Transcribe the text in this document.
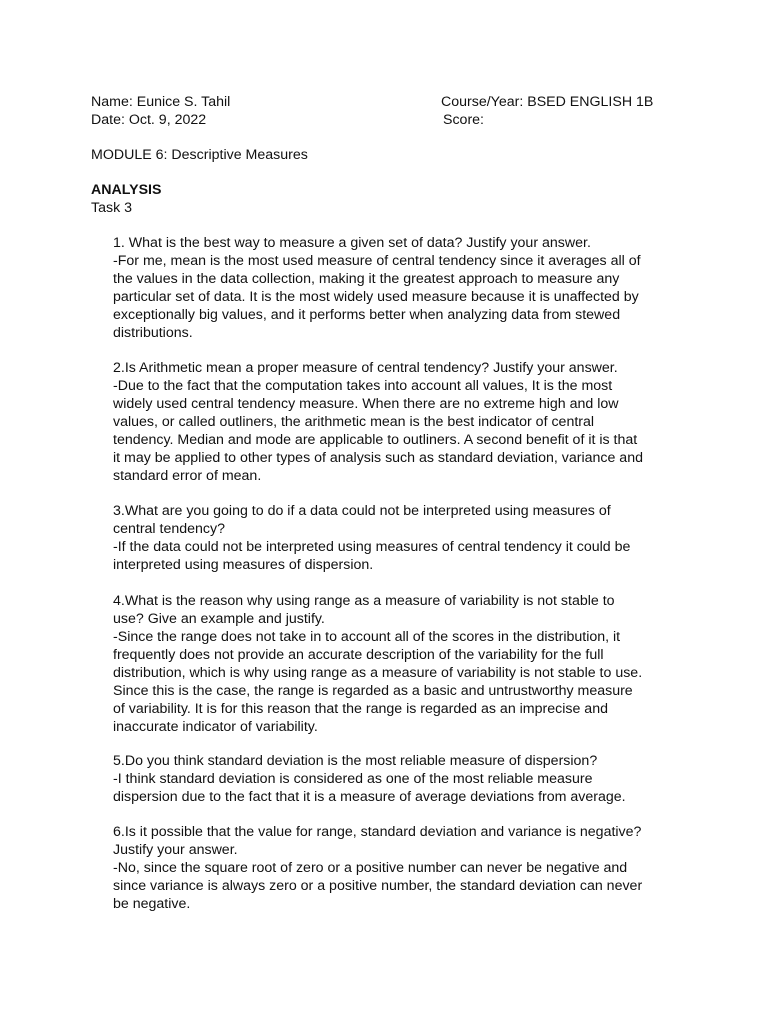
Name: Eunice S. Tahil	Course/Year: BSED ENGLISH 1B
Date: Oct. 9, 2022	Score:
MODULE 6: Descriptive Measures
ANALYSIS
Task 3

1. What is the best way to measure a given set of data? Justify your answer.

-For me, mean is the most used measure of central tendency since it averages all of
the values in the data collection, making it the greatest approach to measure any
particular set of data. It is the most widely used measure because it is unaffected by
exceptionally big values, and it performs better when analyzing data from stewed
distributions.

2.Is Arithmetic mean a proper measure of central tendency? Justify your answer.

-Due to the fact that the computation takes into account all values, It is the most
widely used central tendency measure. When there are no extreme high and low
values, or called outliners, the arithmetic mean is the best indicator of central
tendency. Median and mode are applicable to outliners. A second benefit of it is that
it may be applied to other types of analysis such as standard deviation, variance and
standard error of mean.

3.What are you going to do if a data could not be interpreted using measures of
central tendency?

-If the data could not be interpreted using measures of central tendency it could be
interpreted using measures of dispersion.

4.What is the reason why using range as a measure of variability is not stable to
use? Give an example and justify.

-Since the range does not take in to account all of the scores in the distribution, it
frequently does not provide an accurate description of the variability for the full
distribution, which is why using range as a measure of variability is not stable to use.
Since this is the case, the range is regarded as a basic and untrustworthy measure
of variability. It is for this reason that the range is regarded as an imprecise and
inaccurate indicator of variability.

5.Do you think standard deviation is the most reliable measure of dispersion?

-I think standard deviation is considered as one of the most reliable measure
dispersion due to the fact that it is a measure of average deviations from average.

6.Is it possible that the value for range, standard deviation and variance is negative?
Justify your answer.

-No, since the square root of zero or a positive number can never be negative and
since variance is always zero or a positive number, the standard deviation can never
be negative.
